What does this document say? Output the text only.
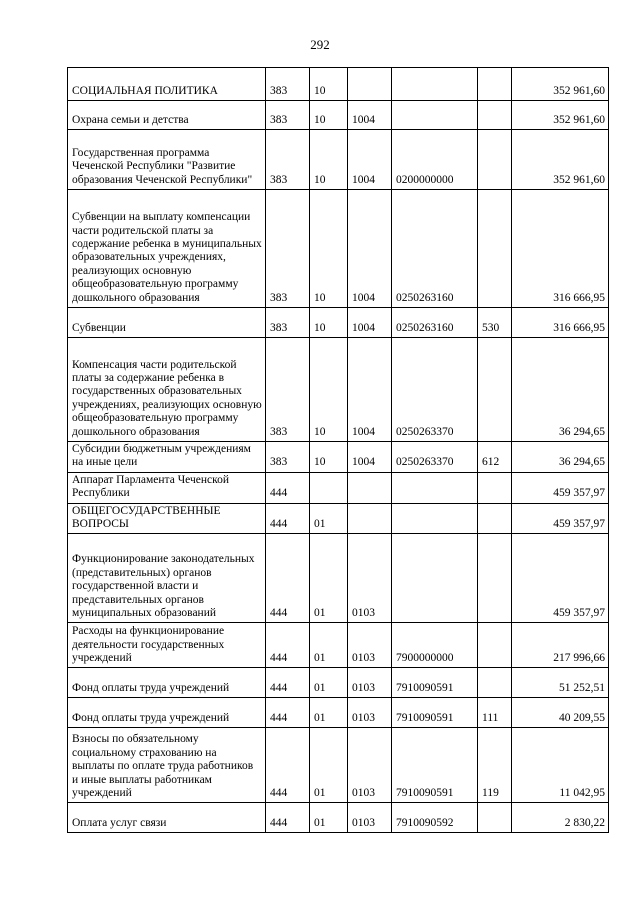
292
СОЦИАЛЬНАЯ ПОЛИТИКА	383	10				352 961,60
Охрана семьи и детства	383	10	1004			352 961,60
Государственная программа Чеченской Республики "Развитие образования Чеченской Республики"	383	10	1004	0200000000		352 961,60
Субвенции на выплату компенсации части родительской платы за содержание ребенка в муниципальных образовательных учреждениях, реализующих основную общеобразовательную программу дошкольного образования	383	10	1004	0250263160		316 666,95
Субвенции	383	10	1004	0250263160	530	316 666,95
Компенсация части родительской платы за содержание ребенка в государственных образовательных учреждениях, реализующих основную общеобразовательную программу дошкольного образования	383	10	1004	0250263370		36 294,65
Субсидии бюджетным учреждениям на иные цели	383	10	1004	0250263370	612	36 294,65
Аппарат Парламента Чеченской Республики	444					459 357,97
ОБЩЕГОСУДАРСТВЕННЫЕ ВОПРОСЫ	444	01				459 357,97
Функционирование законодательных (представительных) органов государственной власти и представительных органов муниципальных образований	444	01	0103			459 357,97
Расходы на функционирование деятельности государственных учреждений	444	01	0103	7900000000		217 996,66
Фонд оплаты труда учреждений	444	01	0103	7910090591		51 252,51
Фонд оплаты труда учреждений	444	01	0103	7910090591	111	40 209,55
Взносы по обязательному социальному страхованию на выплаты по оплате труда работников и иные выплаты работникам учреждений	444	01	0103	7910090591	119	11 042,95
Оплата услуг связи	444	01	0103	7910090592		2 830,22
